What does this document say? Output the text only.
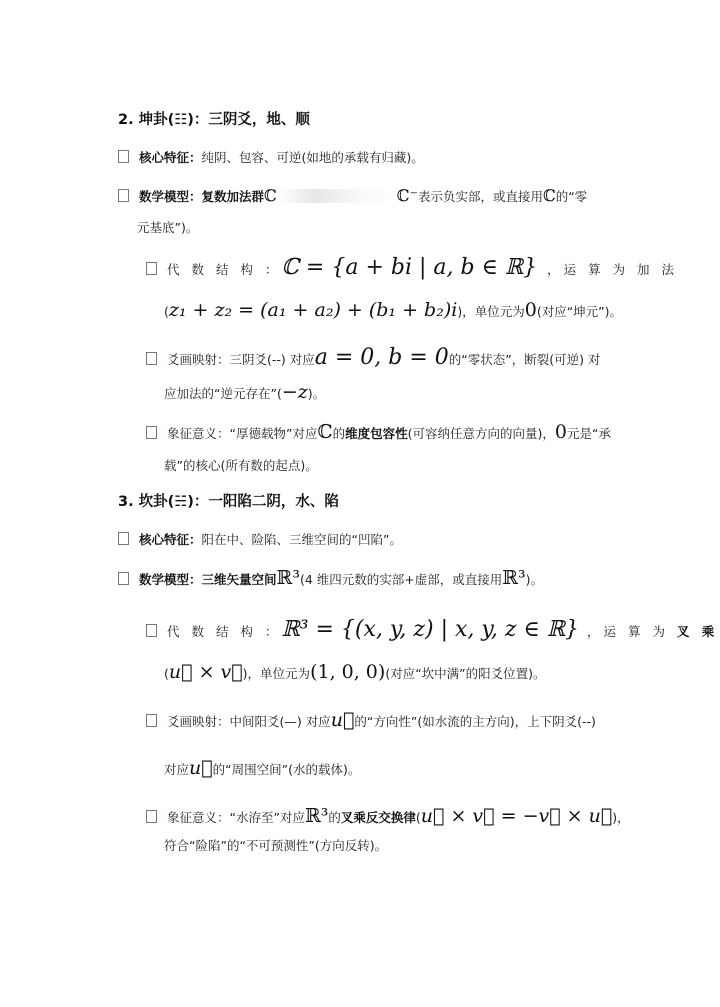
2. 坤卦(☷)：三阴爻，地、顺
核心特征：纯阴、包容、可逆(如地的承载有归藏)。
数学模型：复数加法群ℂ	ℂ⁻表示负实部，或直接用ℂ的“零
元基底”)。
代 数 结 构 ：ℂ = {a + bi | a, b ∈ ℝ} ，运 算 为 加 法
(z₁ + z₂ = (a₁ + a₂) + (b₁ + b₂)i)，单位元为0(对应“坤元”)。
爻画映射：三阴爻(--) 对应a = 0, b = 0的“零状态”，断裂(可逆) 对
应加法的“逆元存在”(−z)。
象征意义：“厚德载物”对应ℂ的维度包容性(可容纳任意方向的向量)，0元是“承
载”的核心(所有数的起点)。
3. 坎卦(☵)：一阳陷二阴，水、陷
核心特征：阳在中、险陷、三维空间的“凹陷”。
数学模型：三维矢量空间ℝ³(4 维四元数的实部+虚部，或直接用ℝ³)。
代 数 结 构 ：ℝ³ = {(x, y, z) | x, y, z ∈ ℝ} ，运 算 为 叉 乘
(u⃗ × v⃗)，单位元为(1, 0, 0)(对应“坎中满”的阳爻位置)。
爻画映射：中间阳爻(—) 对应u⃗的“方向性”(如水流的主方向)，上下阴爻(--)
对应u⃗的“周围空间”(水的载体)。
象征意义：“水洊至”对应ℝ³的叉乘反交换律(u⃗ × v⃗ = −v⃗ × u⃗)，
符合“险陷”的“不可预测性”(方向反转)。
